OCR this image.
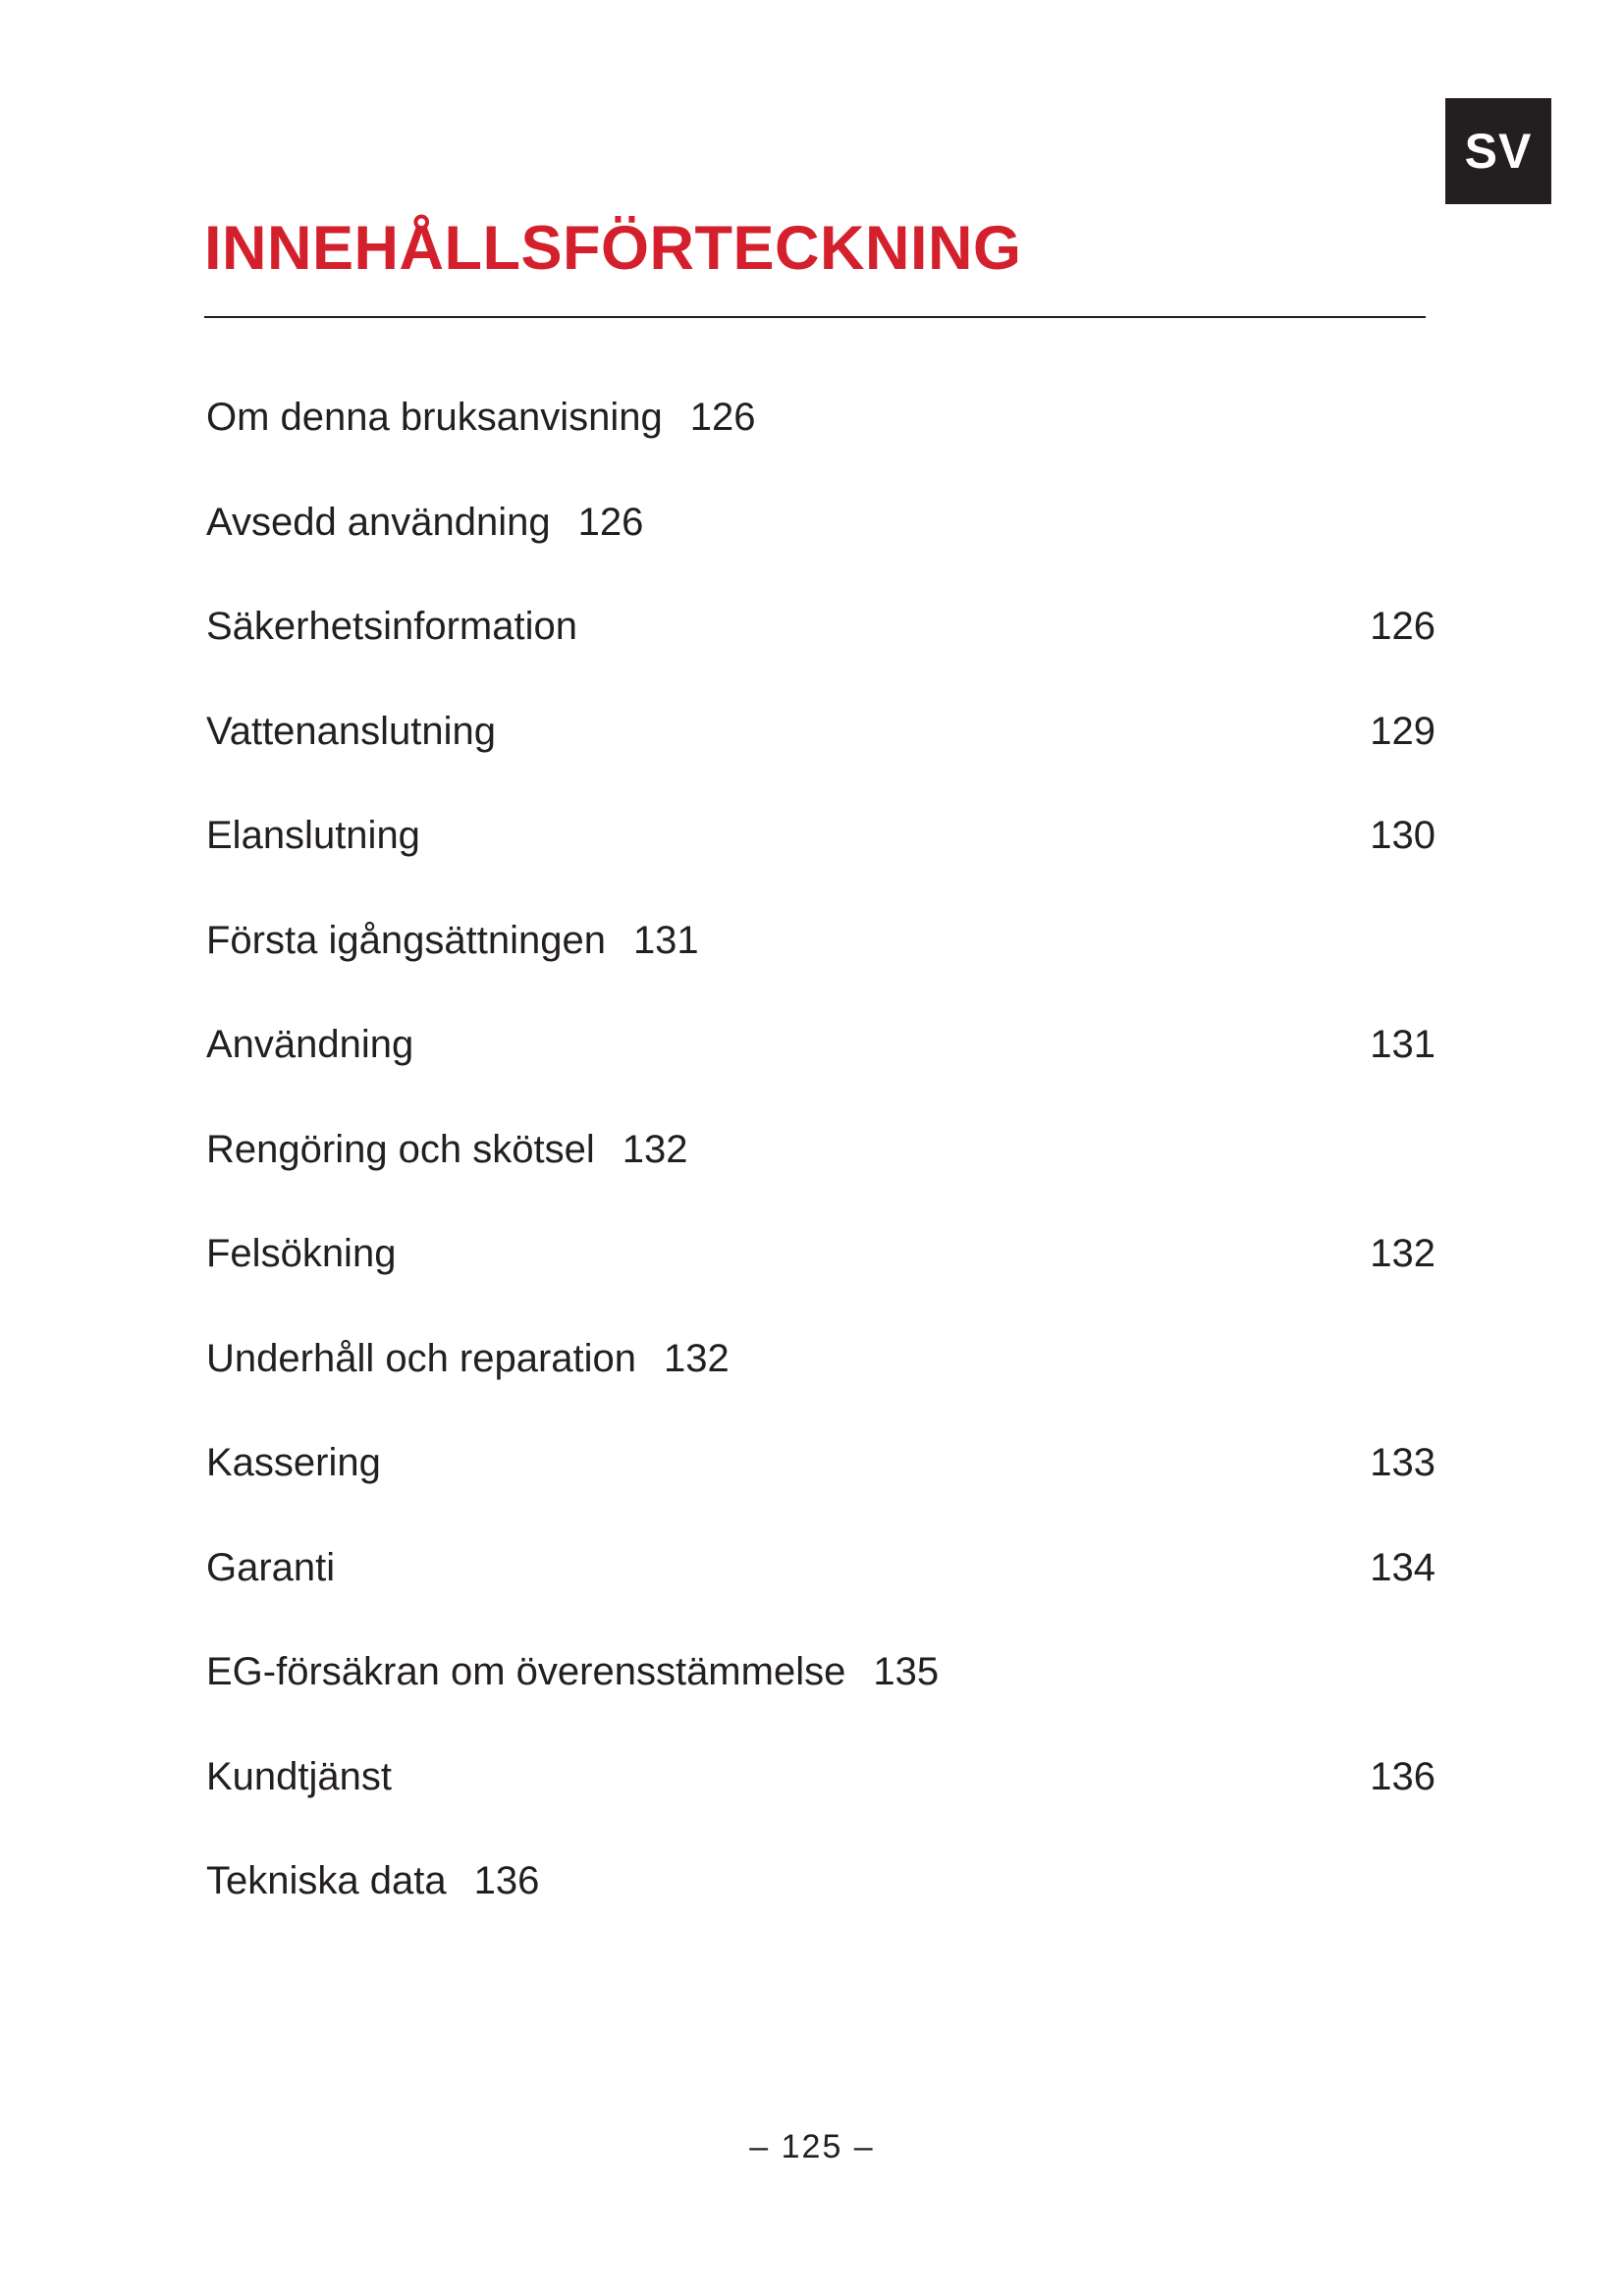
SV
INNEHÅLLSFÖRTECKNING
Om denna bruksanvisning 126
Avsedd användning 126
Säkerhetsinformation	126
Vattenanslutning	129
Elanslutning	130
Första igångsättningen 131
Användning	131
Rengöring och skötsel 132
Felsökning	132
Underhåll och reparation 132
Kassering	133
Garanti	134
EG-försäkran om överensstämmelse 135
Kundtjänst	136
Tekniska data 136
– 125 –
